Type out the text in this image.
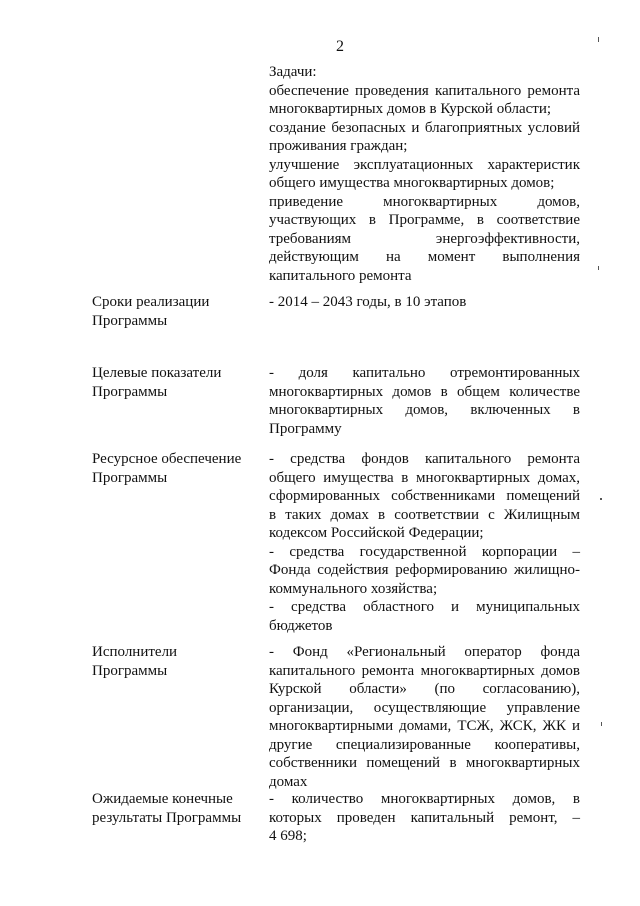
2
Задачи:
обеспечение проведения капитального ремонта
многоквартирных домов в Курской области;
создание безопасных и благоприятных условий
проживания граждан;
улучшение эксплуатационных характеристик
общего имущества многоквартирных домов;
приведение многоквартирных домов,
участвующих в Программе, в соответствие
требованиям энергоэффективности,
действующим на момент выполнения
капитального ремонта
Сроки реализации
Программы
- 2014 – 2043 годы, в 10 этапов
Целевые показатели
Программы
- доля капитально отремонтированных
многоквартирных домов в общем количестве
многоквартирных домов, включенных в
Программу
Ресурсное обеспечение
Программы
- средства фондов капитального ремонта
общего имущества в многоквартирных домах,
сформированных собственниками помещений
в таких домах в соответствии с Жилищным
кодексом Российской Федерации;
- средства государственной корпорации –
Фонда содействия реформированию жилищно-
коммунального хозяйства;
- средства областного и муниципальных
бюджетов
Исполнители
Программы
- Фонд «Региональный оператор фонда
капитального ремонта многоквартирных домов
Курской области» (по согласованию),
организации, осуществляющие управление
многоквартирными домами, ТСЖ, ЖСК, ЖК и
другие специализированные кооперативы,
собственники помещений в многоквартирных
домах
Ожидаемые конечные
результаты Программы
- количество многоквартирных домов, в
которых проведен капитальный ремонт, –
4 698;
